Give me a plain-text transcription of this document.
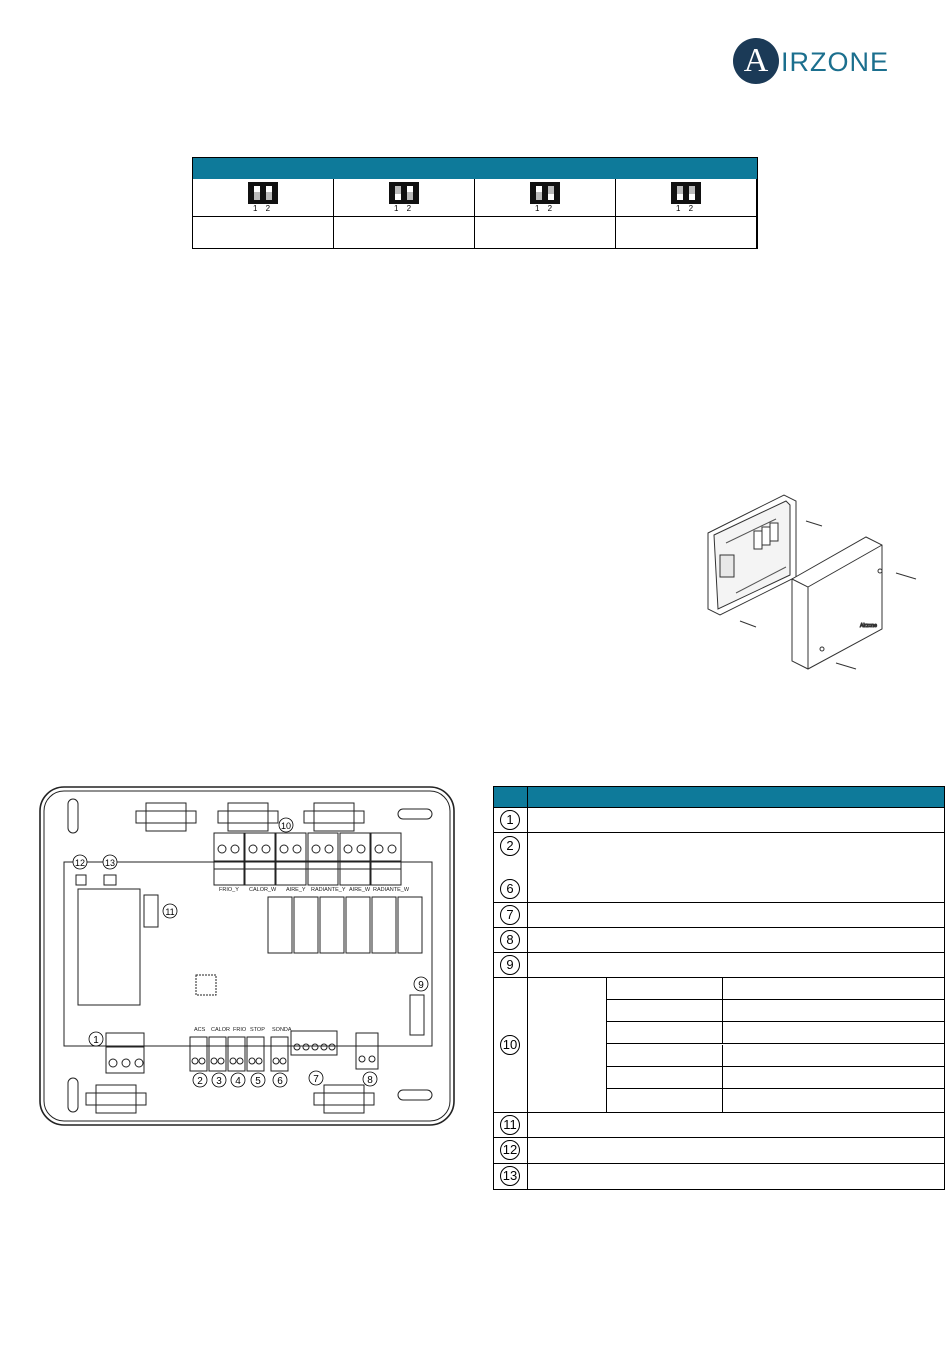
A IRZONE
1 2	1 2	1 2	1 2
Airzone
FRIO_Y CALOR_W AIRE_Y RADIANTE_Y AIRE_W RADIANTE_W
ACS CALOR FRIO STOP SONDA
1
2 3 4 5 6	7	8
9
10
11
12 13
1
2
6
7
8
9
10
11
12
13
